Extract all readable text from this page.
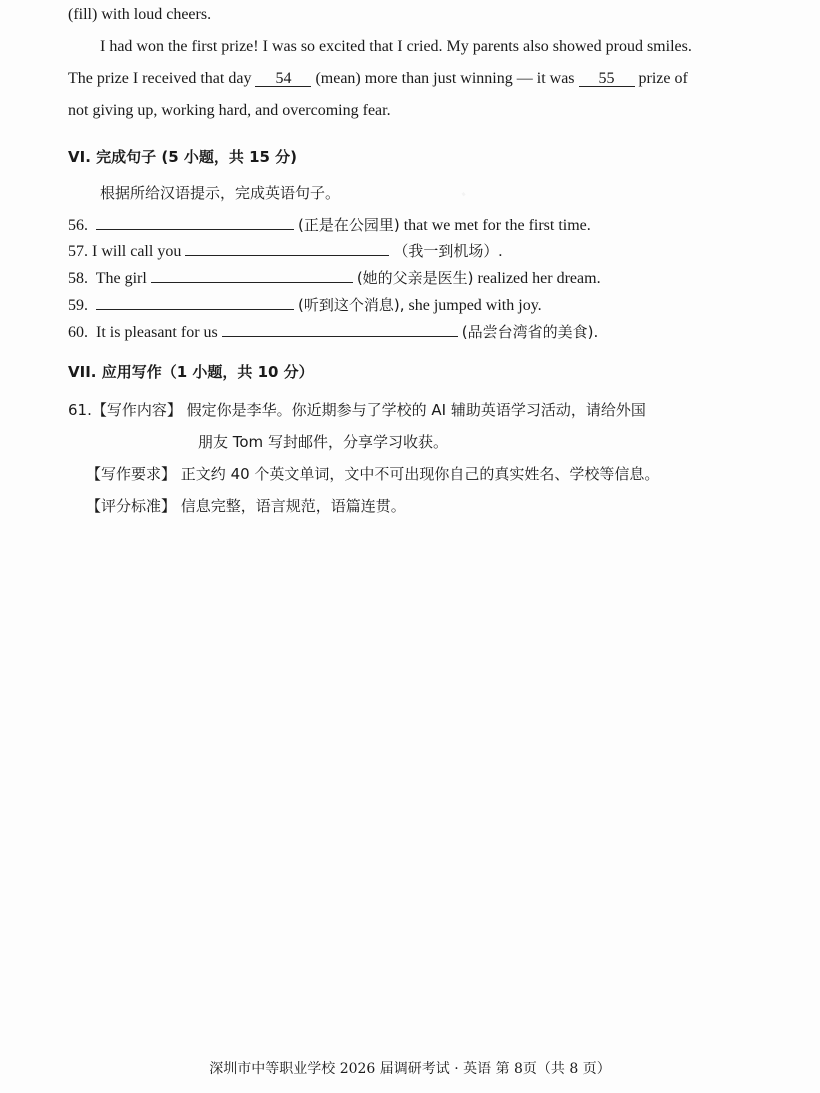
·
(fill) with loud cheers.
I had won the first prize! I was so excited that I cried. My parents also showed proud smiles.
The prize I received that day 54 (mean) more than just winning — it was 55 prize of
not giving up, working hard, and overcoming fear.
VI. 完成句子 (5 小题，共 15 分)
根据所给汉语提示，完成英语句子。
56.	(正是在公园里) that we met for the first time.
57. I will call you	（我一到机场）.
58. The girl	(她的父亲是医生) realized her dream.
59.	(听到这个消息), she jumped with joy.
60. It is pleasant for us	(品尝台湾省的美食).
VII. 应用写作（1 小题，共 10 分）
61.【写作内容】 假定你是李华。你近期参与了学校的 AI 辅助英语学习活动，请给外国
朋友 Tom 写封邮件，分享学习收获。
【写作要求】 正文约 40 个英文单词，文中不可出现你自己的真实姓名、学校等信息。
【评分标准】 信息完整，语言规范，语篇连贯。
深圳市中等职业学校 2026 届调研考试 · 英语 第 8页（共 8 页）
